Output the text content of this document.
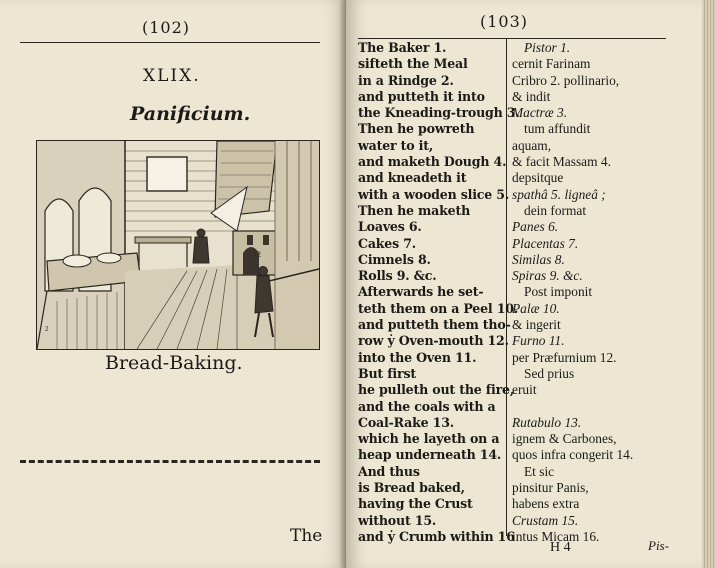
(102)
XLIX.
Panificium.
12
2
Bread-Baking.
The
(103)
The Baker 1.
sifteth the Meal
in a Rindge 2.
and putteth it into
the Kneading-trough 3.
Then he powreth
water to it,
and maketh Dough 4.
and kneadeth it
with a wooden slice 5.
Then he maketh
Loaves 6.
Cakes 7.
Cimnels 8.
Rolls 9. &c.
Afterwards he set-
teth them on a Peel 10.
and putteth them tho-
row ẏ Oven-mouth 12.
into the Oven 11.
But first
he pulleth out the fire,
and the coals with a
Coal-Rake 13.
which he layeth on a
heap underneath 14.
And thus
is Bread baked,
having the Crust
without 15.
and ẏ Crumb within 16
Pistor 1.
cernit Farinam
Cribro 2. pollinario,
& indit
Mactræ 3.
tum affundit
aquam,
& facit Massam 4.
depsitque
spathâ 5. ligneâ ;
dein format
Panes 6.
Placentas 7.
Similas 8.
Spiras 9. &c.
Post imponit
Palæ 10.
& ingerit
Furno 11.
per Præfurnium 12.
Sed prius
eruit
Rutabulo 13.
ignem & Carbones,
quos infra congerit 14.
Et sic
pinsitur Panis,
habens extra
Crustam 15.
intus Micam 16.
H 4	Pis-
